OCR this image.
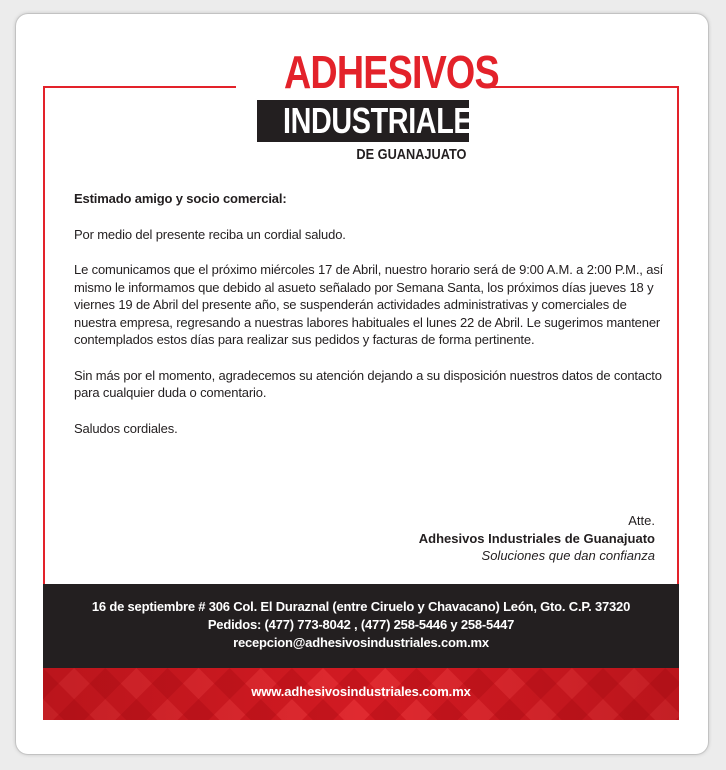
ADHESIVOS
INDUSTRIALES
DE GUANAJUATO

Estimado amigo y socio comercial:

Por medio del presente reciba un cordial saludo.

Le comunicamos que el próximo miércoles 17 de Abril, nuestro horario será de 9:00 A.M. a 2:00 P.M., así mismo le informamos que debido al asueto señalado por Semana Santa, los próximos días jueves 18 y viernes 19 de Abril del presente año, se suspenderán actividades administrativas y comerciales de nuestra empresa, regresando a nuestras labores habituales el lunes 22 de Abril. Le sugerimos mantener contemplados estos días para realizar sus pedidos y facturas de forma pertinente.

Sin más por el momento, agradecemos su atención dejando a su disposición nuestros datos de contacto para cualquier duda o comentario.

Saludos cordiales.

Atte.
Adhesivos Industriales de Guanajuato
Soluciones que dan confianza
16 de septiembre # 306 Col. El Duraznal (entre Ciruelo y Chavacano) León, Gto. C.P. 37320
Pedidos: (477) 773-8042 , (477) 258-5446 y 258-5447
recepcion@adhesivosindustriales.com.mx
www.adhesivosindustriales.com.mx
